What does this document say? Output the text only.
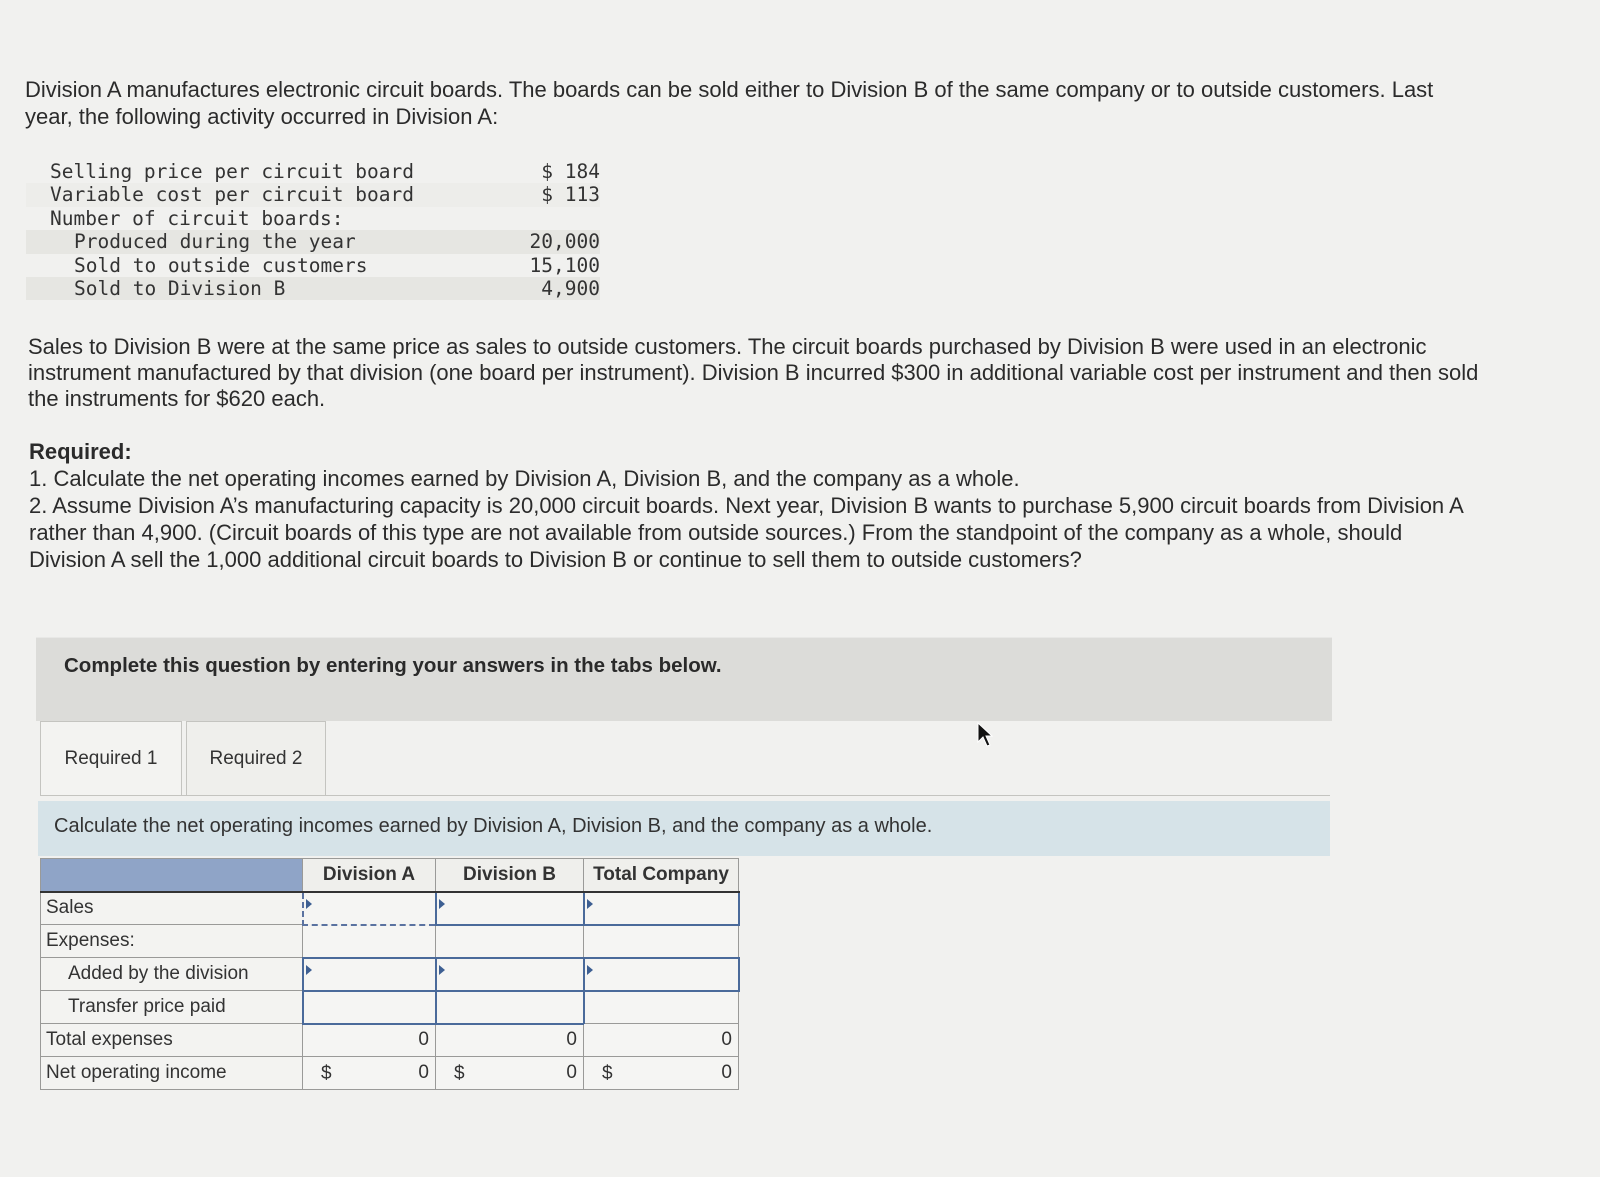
Division A manufactures electronic circuit boards. The boards can be sold either to Division B of the same company or to outside customers. Last year, the following activity occurred in Division A:

Selling price per circuit board	$ 184
Variable cost per circuit board	$ 113
Number of circuit boards:
Produced during the year	20,000
Sold to outside customers	15,100
Sold to Division B	4,900

Sales to Division B were at the same price as sales to outside customers. The circuit boards purchased by Division B were used in an electronic instrument manufactured by that division (one board per instrument). Division B incurred $300 in additional variable cost per instrument and then sold the instruments for $620 each.

Required:

1. Calculate the net operating incomes earned by Division A, Division B, and the company as a whole.

2. Assume Division A’s manufacturing capacity is 20,000 circuit boards. Next year, Division B wants to purchase 5,900 circuit boards from Division A rather than 4,900. (Circuit boards of this type are not available from outside sources.) From the standpoint of the company as a whole, should Division A sell the 1,000 additional circuit boards to Division B or continue to sell them to outside customers?

Complete this question by entering your answers in the tabs below.
Required 1	Required 2
Calculate the net operating incomes earned by Division A, Division B, and the company as a whole.
	Division A	Division B	Total Company
Sales	

Expenses:			
Added by the division	

Transfer price paid			
Total expenses	0	0	0
Net operating income	$ 0	$ 0	$ 0
